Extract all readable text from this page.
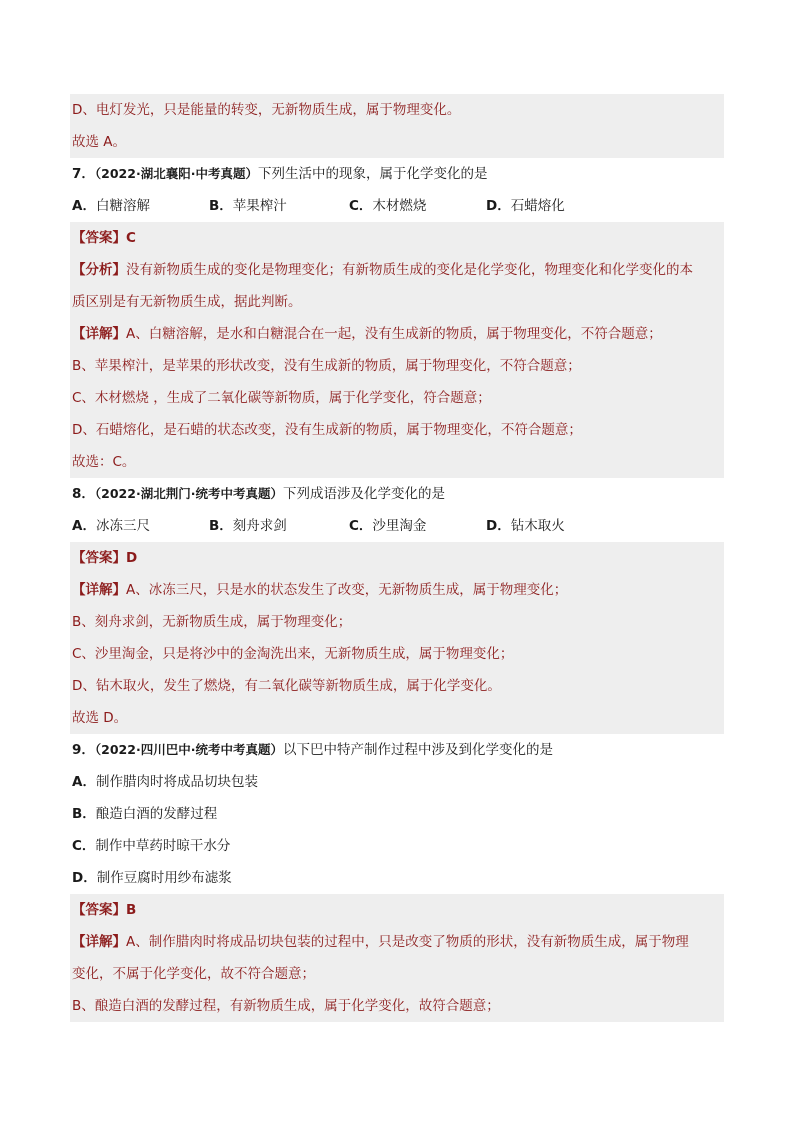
D、电灯发光，只是能量的转变，无新物质生成，属于物理变化。
故选 A。
7．（2022·湖北襄阳·中考真题）下列生活中的现象，属于化学变化的是
A．白糖溶解	B．苹果榨汁	C．木材燃烧	D．石蜡熔化
【答案】C
【分析】没有新物质生成的变化是物理变化；有新物质生成的变化是化学变化，物理变化和化学变化的本
质区别是有无新物质生成，据此判断。
【详解】A、白糖溶解，是水和白糖混合在一起，没有生成新的物质，属于物理变化，不符合题意；
B、苹果榨汁，是苹果的形状改变，没有生成新的物质，属于物理变化，不符合题意；
C、木材燃烧 ，生成了二氧化碳等新物质，属于化学变化，符合题意；
D、石蜡熔化，是石蜡的状态改变，没有生成新的物质，属于物理变化，不符合题意；
故选：C。
8．（2022·湖北荆门·统考中考真题）下列成语涉及化学变化的是
A．冰冻三尺	B．刻舟求剑	C．沙里淘金	D．钻木取火
【答案】D
【详解】A、冰冻三尺，只是水的状态发生了改变，无新物质生成，属于物理变化；
B、刻舟求剑，无新物质生成，属于物理变化；
C、沙里淘金，只是将沙中的金淘洗出来，无新物质生成，属于物理变化；
D、钻木取火，发生了燃烧，有二氧化碳等新物质生成，属于化学变化。
故选 D。
9．（2022·四川巴中·统考中考真题）以下巴中特产制作过程中涉及到化学变化的是
A．制作腊肉时将成品切块包装
B．酿造白酒的发酵过程
C．制作中草药时晾干水分
D．制作豆腐时用纱布滤浆
【答案】B
【详解】A、制作腊肉时将成品切块包装的过程中，只是改变了物质的形状，没有新物质生成，属于物理
变化，不属于化学变化，故不符合题意；
B、酿造白酒的发酵过程，有新物质生成，属于化学变化，故符合题意；
